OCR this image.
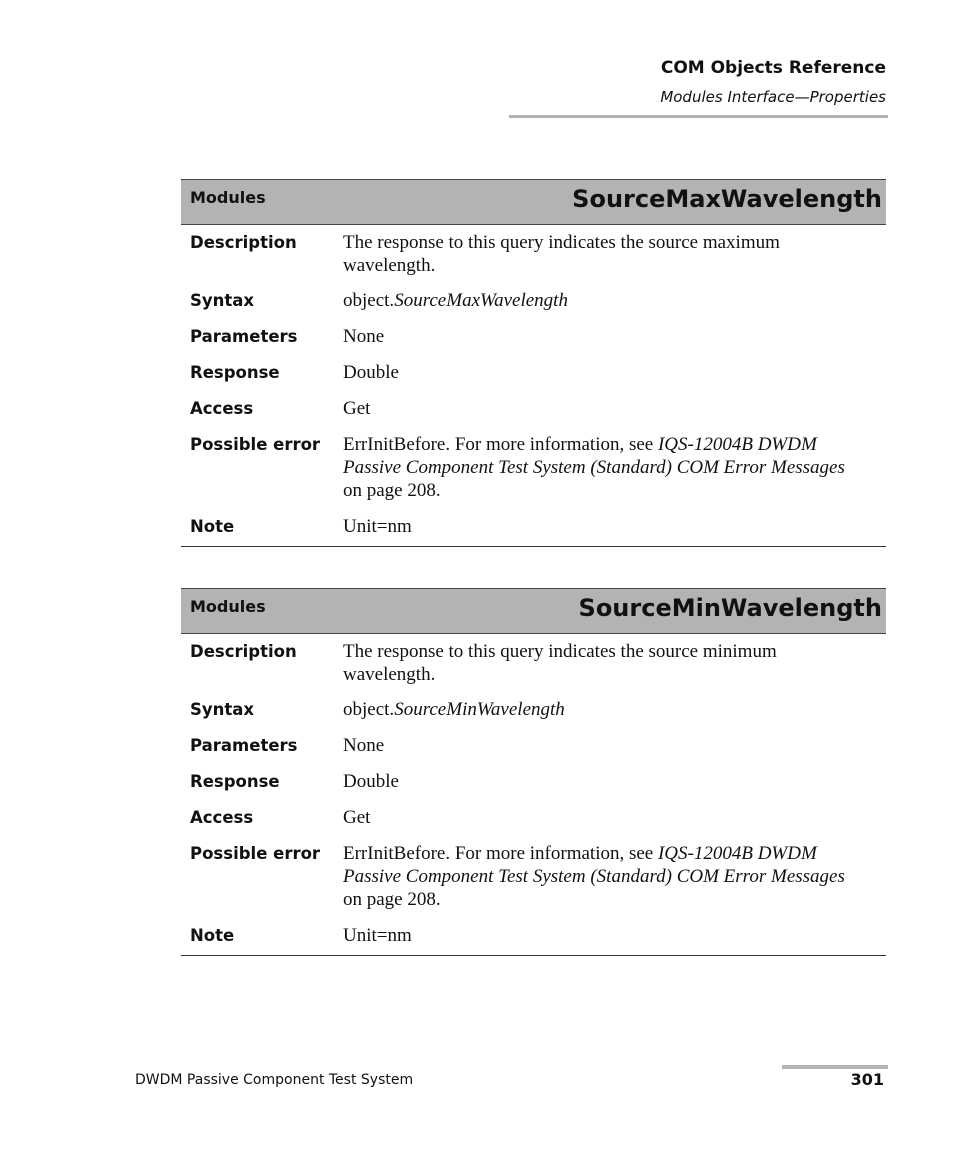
COM Objects Reference
Modules Interface—Properties
Modules	SourceMaxWavelength
Description	The response to this query indicates the source maximum wavelength.
Syntax	object.SourceMaxWavelength
Parameters	None
Response	Double
Access	Get
Possible error	ErrInitBefore. For more information, see IQS-12004B DWDM Passive Component Test System (Standard) COM Error Messages on page 208.
Note	Unit=nm
Modules	SourceMinWavelength
Description	The response to this query indicates the source minimum wavelength.
Syntax	object.SourceMinWavelength
Parameters	None
Response	Double
Access	Get
Possible error	ErrInitBefore. For more information, see IQS-12004B DWDM Passive Component Test System (Standard) COM Error Messages on page 208.
Note	Unit=nm
DWDM Passive Component Test System	301
